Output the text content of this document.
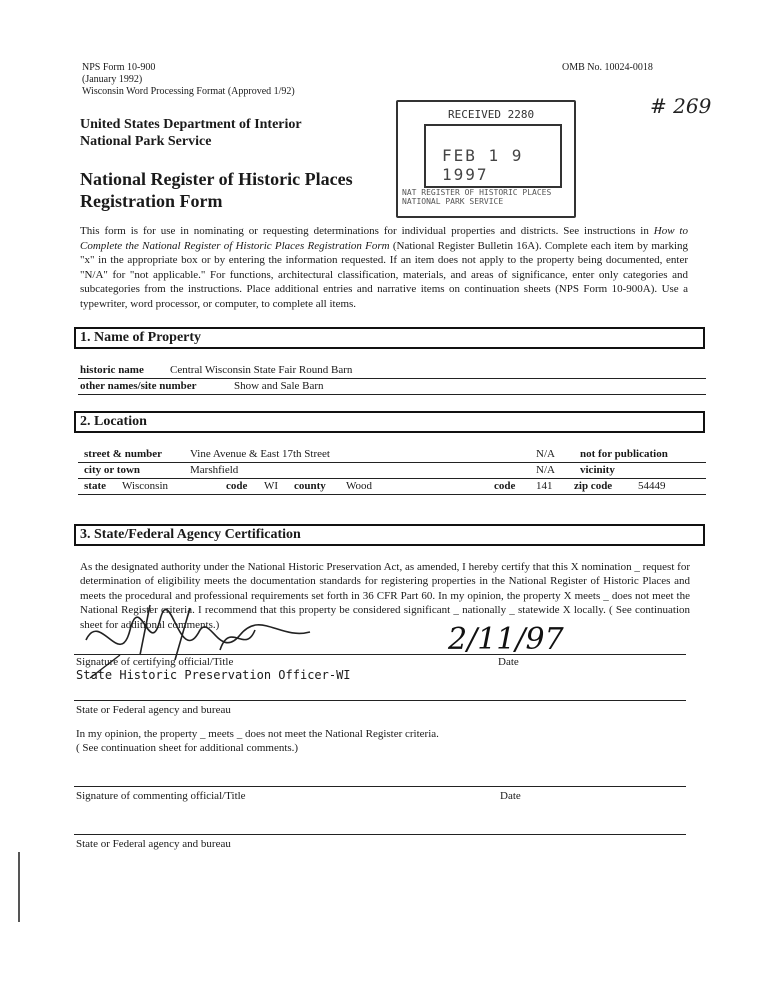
NPS Form 10-900
(January 1992)
Wisconsin Word Processing Format (Approved 1/92)
OMB No. 10024-0018
United States Department of Interior
National Park Service
National Register of Historic Places
Registration Form
RECEIVED 2280
FEB 1 9 1997
NAT REGISTER OF HISTORIC PLACES
NATIONAL PARK SERVICE
# 269
This form is for use in nominating or requesting determinations for individual properties and districts. See instructions in How to Complete the National Register of Historic Places Registration Form (National Register Bulletin 16A). Complete each item by marking "x" in the appropriate box or by entering the information requested. If an item does not apply to the property being documented, enter "N/A" for "not applicable." For functions, architectural classification, materials, and areas of significance, enter only categories and subcategories from the instructions. Place additional entries and narrative items on continuation sheets (NPS Form 10-900A). Use a typewriter, word processor, or computer, to complete all items.
1. Name of Property
historic name Central Wisconsin State Fair Round Barn
other names/site number	Show and Sale Barn
2. Location
street & number	Vine Avenue & East 17th Street	N/A not for publication
city or town	Marshfield	N/A vicinity
state Wisconsin	code WI county Wood	code 141 zip code 54449
3. State/Federal Agency Certification
As the designated authority under the National Historic Preservation Act, as amended, I hereby certify that this X nomination _ request for determination of eligibility meets the documentation standards for registering properties in the National Register of Historic Places and meets the procedural and professional requirements set forth in 36 CFR Part 60. In my opinion, the property X meets _ does not meet the National Register criteria. I recommend that this property be considered significant _ nationally _ statewide X locally. ( See continuation sheet for additional comments.)	2/11/97
Signature of certifying official/Title	Date
State Historic Preservation Officer-WI
State or Federal agency and bureau
In my opinion, the property _ meets _ does not meet the National Register criteria.
( See continuation sheet for additional comments.)
Signature of commenting official/Title	Date
State or Federal agency and bureau
